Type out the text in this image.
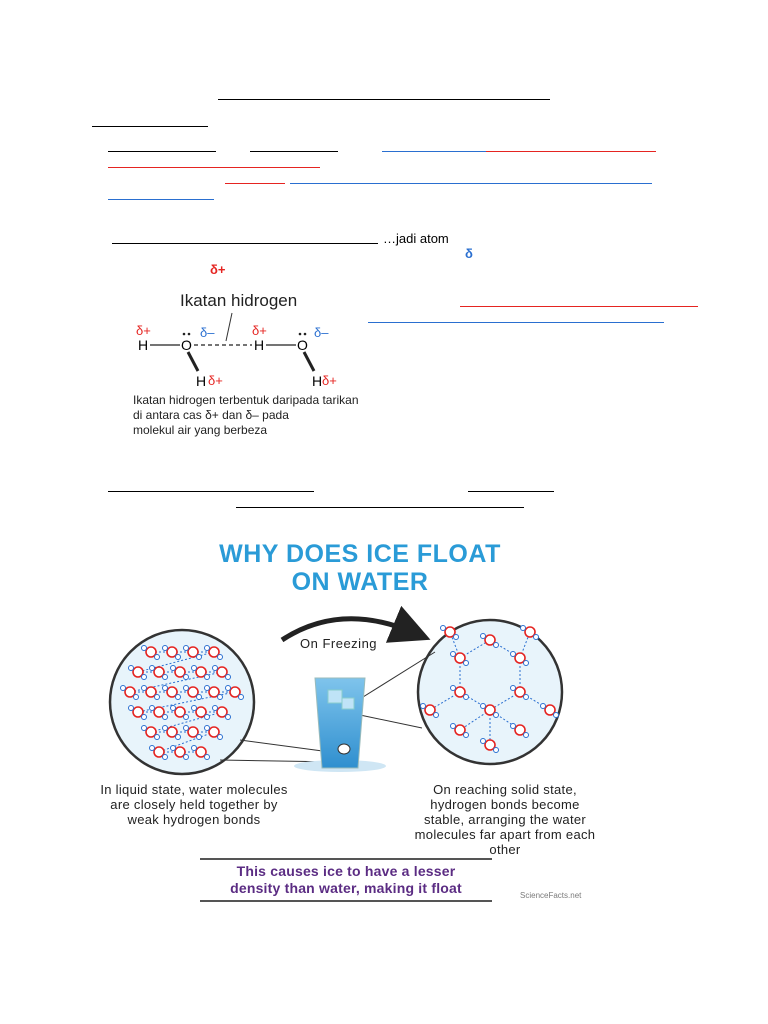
…jadi atom
δ
δ+
Ikatan hidrogen
H O
H
H O
H
δ+	δ–
δ+
δ+	δ–
δ+
Ikatan hidrogen terbentuk daripada tarikan
di antara cas δ+ dan δ– pada
molekul air yang berbeza
WHY DOES ICE FLOAT
ON WATER
On Freezing
In liquid state, water molecules are closely held together by weak hydrogen bonds
On reaching solid state, hydrogen bonds become stable, arranging the water molecules far apart from each other
This causes ice to have a lesser
density than water, making it float	ScienceFacts.net
